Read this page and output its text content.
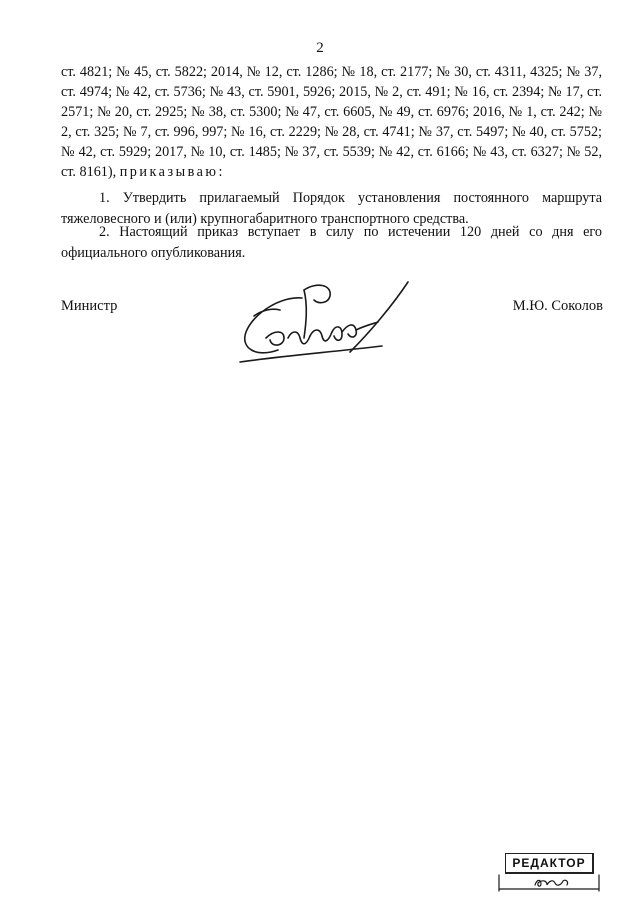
2

ст. 4821; № 45, ст. 5822; 2014, № 12, ст. 1286; № 18, ст. 2177; № 30, ст. 4311, 4325; № 37, ст. 4974; № 42, ст. 5736; № 43, ст. 5901, 5926; 2015, № 2, ст. 491; № 16, ст. 2394; № 17, ст. 2571; № 20, ст. 2925; № 38, ст. 5300; № 47, ст. 6605, № 49, ст. 6976; 2016, № 1, ст. 242; № 2, ст. 325; № 7, ст. 996, 997; № 16, ст. 2229; № 28, ст. 4741; № 37, ст. 5497; № 40, ст. 5752; № 42, ст. 5929; 2017, № 10, ст. 1485; № 37, ст. 5539; № 42, ст. 6166; № 43, ст. 6327; № 52, ст. 8161), приказываю:

1. Утвердить прилагаемый Порядок установления постоянного маршрута тяжеловесного и (или) крупногабаритного транспортного средства.

2. Настоящий приказ вступает в силу по истечении 120 дней со дня его официального опубликования.

Министр	М.Ю. Соколов
РЕДАКТОР
